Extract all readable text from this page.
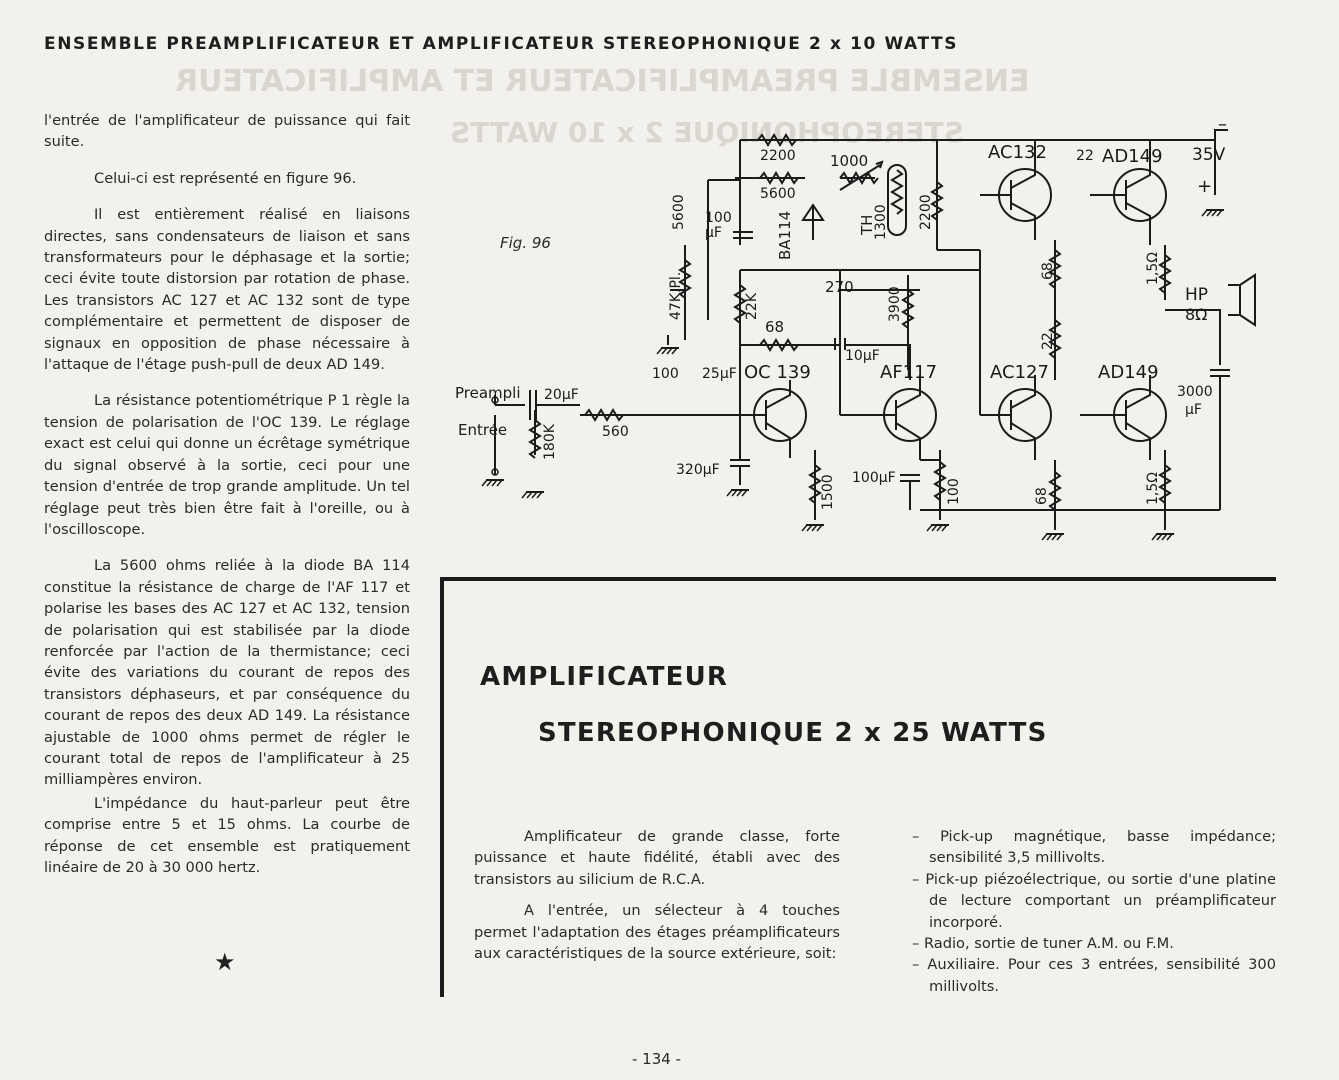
ENSEMBLE PREAMPLIFICATEUR ET AMPLIFICATEUR
STEREOPHONIQUE 2 x 10 WATTS
ENSEMBLE PREAMPLIFICATEUR ET AMPLIFICATEUR STEREOPHONIQUE 2 x 10 WATTS

l'entrée de l'amplificateur de puissance qui fait suite.

Celui-ci est représenté en figure 96.

Il est entièrement réalisé en liaisons directes, sans condensateurs de liaison et sans transformateurs pour le déphasage et la sortie; ceci évite toute distorsion par rotation de phase. Les transistors AC 127 et AC 132 sont de type complémentaire et permettent de disposer de signaux en opposition de phase nécessaire à l'attaque de l'étage push-pull de deux AD 149.

La résistance potentiométrique P 1 règle la tension de polarisation de l'OC 139. Le réglage exact est celui qui donne un écrêtage symétrique du signal observé à la sortie, ceci pour une tension d'entrée de trop grande amplitude. Un tel réglage peut très bien être fait à l'oreille, ou à l'oscilloscope.

La 5600 ohms reliée à la diode BA 114 constitue la résistance de charge de l'AF 117 et polarise les bases des AC 127 et AC 132, tension de polarisation qui est stabilisée par la diode renforcée par l'action de la thermistance; ceci évite des variations du courant de repos des transistors déphaseurs, et par conséquence du courant de repos des deux AD 149. La résistance ajustable de 1000 ohms permet de régler le courant total de repos de l'amplificateur à 25 milliampères environ.

L'impédance du haut-parleur peut être comprise entre 5 et 15 ohms. La courbe de réponse de cet ensemble est pratiquement linéaire de 20 à 30 000 hertz.

★
Fig. 96
2200
5600
1000
BA114	TH
1300 2200
5600 100
µF
47K.Pl.	22K
270 3900
68
10µF
100 25µF OC 139	AF117	AC127	AD149
AC132	AD149
22	35V
–
+
68
22
1,5Ω
HP
8Ω
3000
µF
Preampli
Entrée
20µF
180K	560
320µF
1500 100µF
100	68	1,5Ω
AMPLIFICATEUR
STEREOPHONIQUE 2 x 25 WATTS

Amplificateur de grande classe, forte puissance et haute fidélité, établi avec des transistors au silicium de R.C.A.

A l'entrée, un sélecteur à 4 touches permet l'adaptation des étages préamplificateurs aux caractéristiques de la source extérieure, soit:

– Pick-up magnétique, basse impédance; sensibilité 3,5 millivolts.
– Pick-up piézoélectrique, ou sortie d'une platine de lecture comportant un préamplificateur incorporé.
– Radio, sortie de tuner A.M. ou F.M.
– Auxiliaire. Pour ces 3 entrées, sensibilité 300 millivolts.
- 134 -
